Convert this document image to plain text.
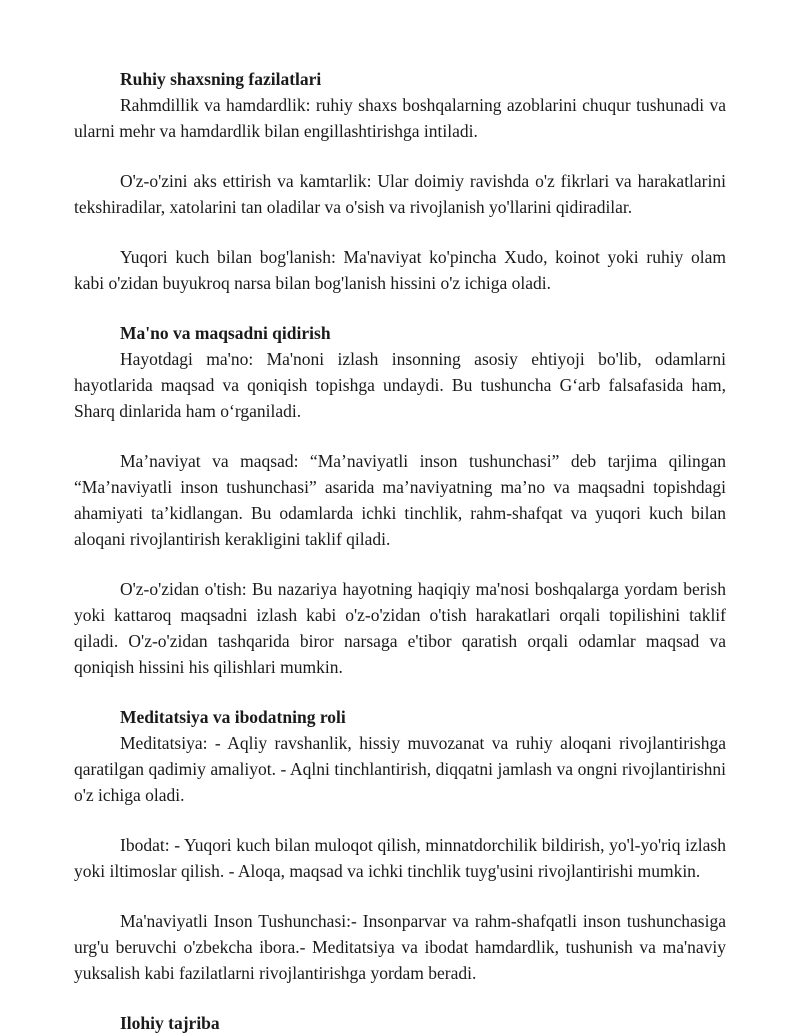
Ruhiy shaxsning fazilatlari

Rahmdillik va hamdardlik: ruhiy shaxs boshqalarning azoblarini chuqur tushunadi va ularni mehr va hamdardlik bilan engillashtirishga intiladi.

O'z-o'zini aks ettirish va kamtarlik: Ular doimiy ravishda o'z fikrlari va harakatlarini tekshiradilar, xatolarini tan oladilar va o'sish va rivojlanish yo'llarini qidiradilar.

Yuqori kuch bilan bog'lanish: Ma'naviyat ko'pincha Xudo, koinot yoki ruhiy olam kabi o'zidan buyukroq narsa bilan bog'lanish hissini o'z ichiga oladi.

Ma'no va maqsadni qidirish

Hayotdagi ma'no: Ma'noni izlash insonning asosiy ehtiyoji bo'lib, odamlarni hayotlarida maqsad va qoniqish topishga undaydi. Bu tushuncha G‘arb falsafasida ham, Sharq dinlarida ham o‘rganiladi.

Ma’naviyat va maqsad: “Ma’naviyatli inson tushunchasi” deb tarjima qilingan “Ma’naviyatli inson tushunchasi” asarida ma’naviyatning ma’no va maqsadni topishdagi ahamiyati ta’kidlangan. Bu odamlarda ichki tinchlik, rahm-shafqat va yuqori kuch bilan aloqani rivojlantirish kerakligini taklif qiladi.

O'z-o'zidan o'tish: Bu nazariya hayotning haqiqiy ma'nosi boshqalarga yordam berish yoki kattaroq maqsadni izlash kabi o'z-o'zidan o'tish harakatlari orqali topilishini taklif qiladi. O'z-o'zidan tashqarida biror narsaga e'tibor qaratish orqali odamlar maqsad va qoniqish hissini his qilishlari mumkin.

Meditatsiya va ibodatning roli

Meditatsiya: - Aqliy ravshanlik, hissiy muvozanat va ruhiy aloqani rivojlantirishga qaratilgan qadimiy amaliyot. - Aqlni tinchlantirish, diqqatni jamlash va ongni rivojlantirishni o'z ichiga oladi.

Ibodat: - Yuqori kuch bilan muloqot qilish, minnatdorchilik bildirish, yo'l-yo'riq izlash yoki iltimoslar qilish. - Aloqa, maqsad va ichki tinchlik tuyg'usini rivojlantirishi mumkin.

Ma'naviyatli Inson Tushunchasi:- Insonparvar va rahm-shafqatli inson tushunchasiga urg'u beruvchi o'zbekcha ibora.- Meditatsiya va ibodat hamdardlik, tushunish va ma'naviy yuksalish kabi fazilatlarni rivojlantirishga yordam beradi.

Ilohiy tajriba
